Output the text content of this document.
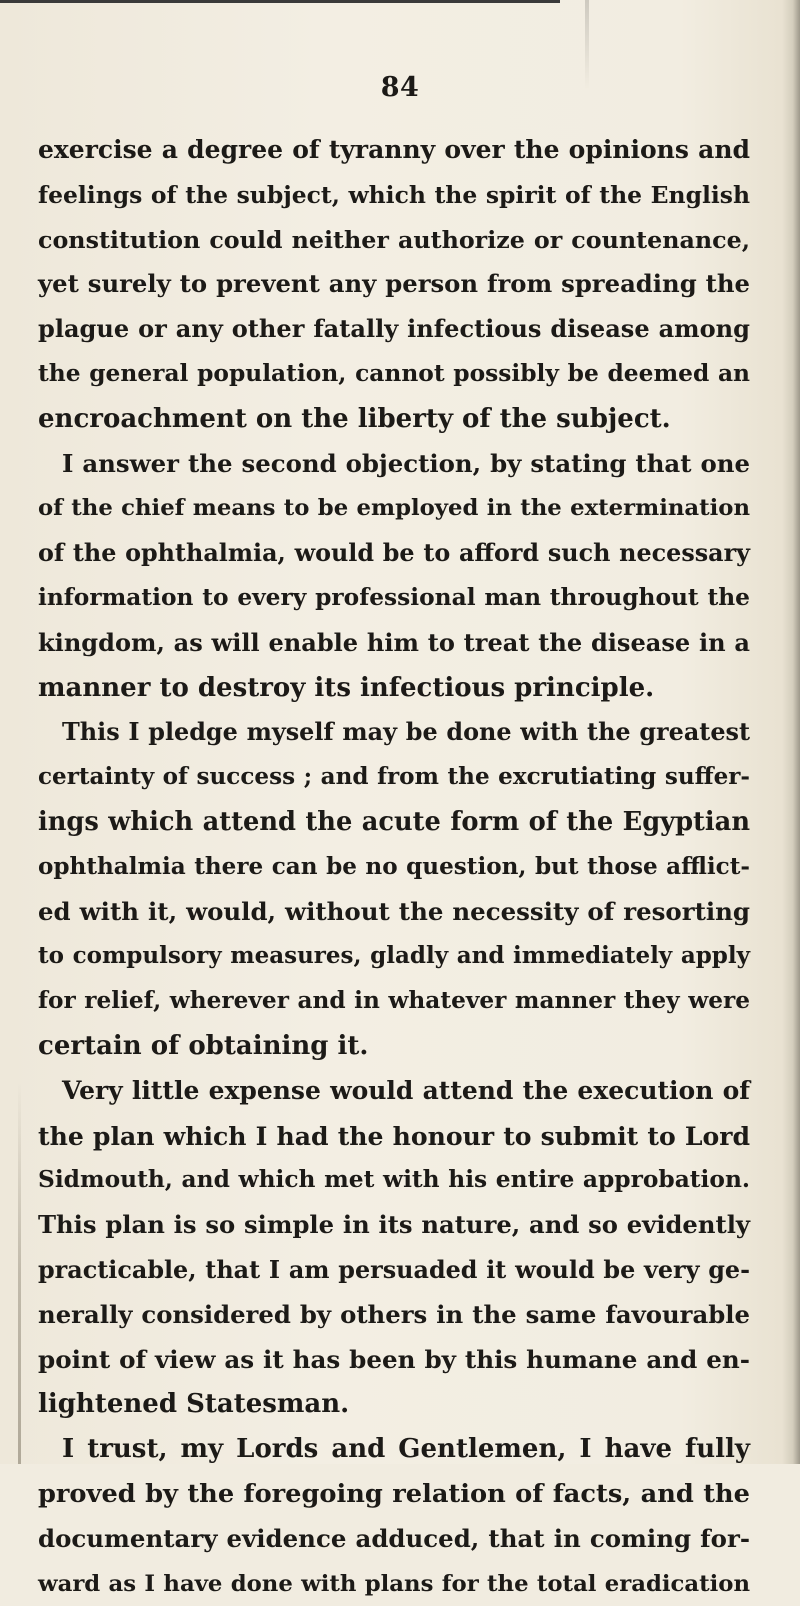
84
exercise a degree of tyranny over the opinions and
feelings of the subject, which the spirit of the English
constitution could neither authorize or countenance,
yet surely to prevent any person from spreading the
plague or any other fatally infectious disease among
the general population, cannot possibly be deemed an
encroachment on the liberty of the subject.
I answer the second objection, by stating that one
of the chief means to be employed in the extermination
of the ophthalmia, would be to afford such necessary
information to every professional man throughout the
kingdom, as will enable him to treat the disease in a
manner to destroy its infectious principle.
This I pledge myself may be done with the greatest
certainty of success ; and from the excrutiating suffer-
ings which attend the acute form of the Egyptian
ophthalmia there can be no question, but those afflict-
ed with it, would, without the necessity of resorting
to compulsory measures, gladly and immediately apply
for relief, wherever and in whatever manner they were
certain of obtaining it.
Very little expense would attend the execution of
the plan which I had the honour to submit to Lord
Sidmouth, and which met with his entire approbation.
This plan is so simple in its nature, and so evidently
practicable, that I am persuaded it would be very ge-
nerally considered by others in the same favourable
point of view as it has been by this humane and en-
lightened Statesman.
I trust, my Lords and Gentlemen, I have fully
proved by the foregoing relation of facts, and the
documentary evidence adduced, that in coming for-
ward as I have done with plans for the total eradication
